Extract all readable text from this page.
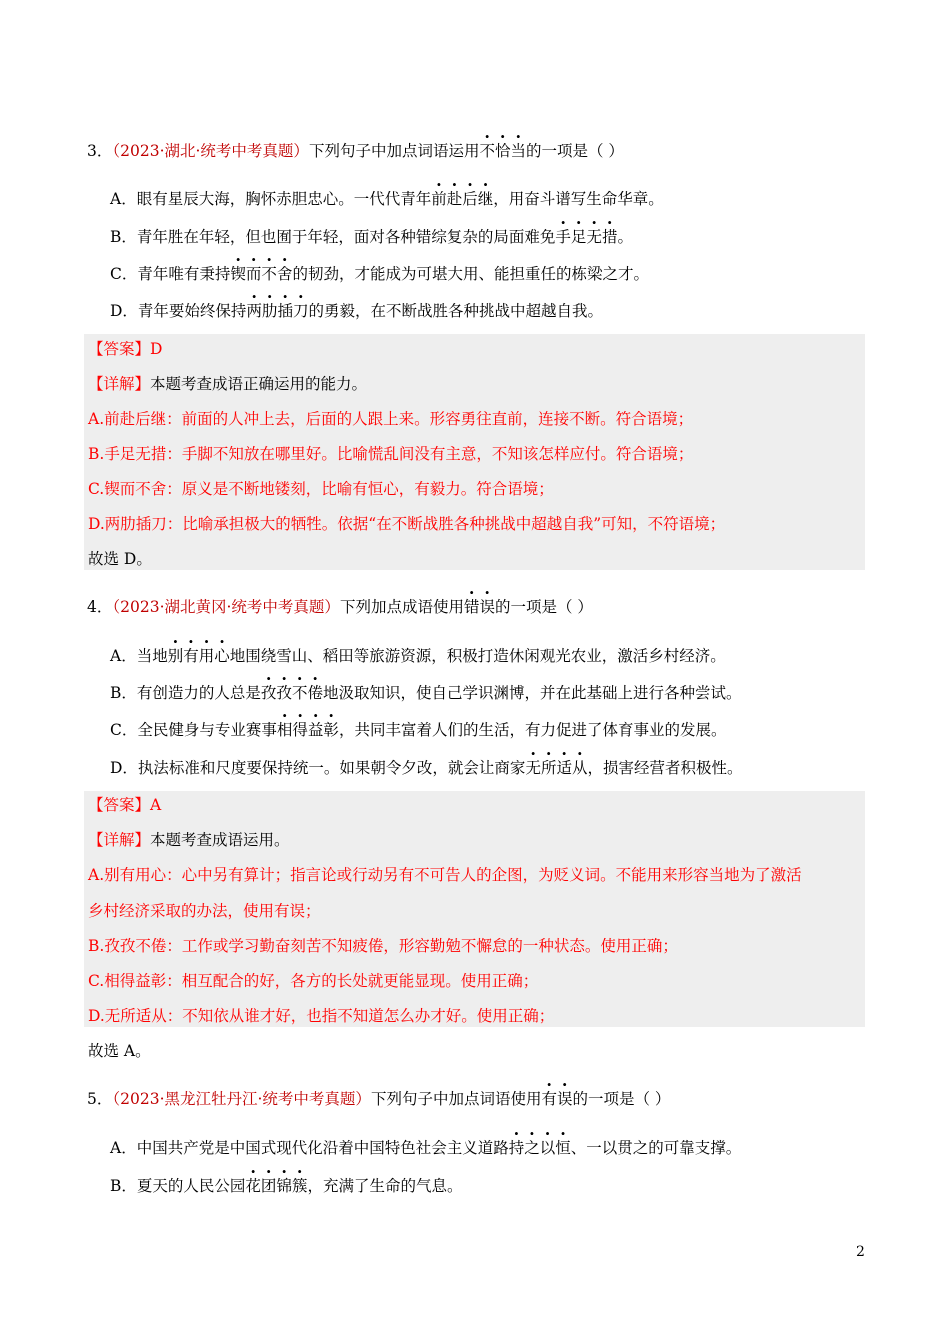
3．（2023·湖北·统考中考真题）下列句子中加点词语运用不恰当的一项是（ ）
A．眼有星辰大海，胸怀赤胆忠心。一代代青年前赴后继，用奋斗谱写生命华章。
B．青年胜在年轻，但也囿于年轻，面对各种错综复杂的局面难免手足无措。
C．青年唯有秉持锲而不舍的韧劲，才能成为可堪大用、能担重任的栋梁之才。
D．青年要始终保持两肋插刀的勇毅，在不断战胜各种挑战中超越自我。
【答案】D
【详解】本题考查成语正确运用的能力。
A.前赴后继：前面的人冲上去，后面的人跟上来。形容勇往直前，连接不断。符合语境；
B.手足无措：手脚不知放在哪里好。比喻慌乱间没有主意，不知该怎样应付。符合语境；
C.锲而不舍：原义是不断地镂刻，比喻有恒心，有毅力。符合语境；
D.两肋插刀：比喻承担极大的牺牲。依据“在不断战胜各种挑战中超越自我”可知，不符语境；
故选 D。
4．（2023·湖北黄冈·统考中考真题）下列加点成语使用错误的一项是（ ）
A．当地别有用心地围绕雪山、稻田等旅游资源，积极打造休闲观光农业，激活乡村经济。
B．有创造力的人总是孜孜不倦地汲取知识，使自己学识渊博，并在此基础上进行各种尝试。
C．全民健身与专业赛事相得益彰，共同丰富着人们的生活，有力促进了体育事业的发展。
D．执法标准和尺度要保持统一。如果朝令夕改，就会让商家无所适从，损害经营者积极性。
【答案】A
【详解】本题考查成语运用。
A.别有用心：心中另有算计；指言论或行动另有不可告人的企图，为贬义词。不能用来形容当地为了激活
乡村经济采取的办法，使用有误；
B.孜孜不倦：工作或学习勤奋刻苦不知疲倦，形容勤勉不懈怠的一种状态。使用正确；
C.相得益彰：相互配合的好，各方的长处就更能显现。使用正确；
D.无所适从：不知依从谁才好，也指不知道怎么办才好。使用正确；
故选 A。
5．（2023·黑龙江牡丹江·统考中考真题）下列句子中加点词语使用有误的一项是（ ）
A．中国共产党是中国式现代化沿着中国特色社会主义道路持之以恒、一以贯之的可靠支撑。
B．夏天的人民公园花团锦簇，充满了生命的气息。
2
